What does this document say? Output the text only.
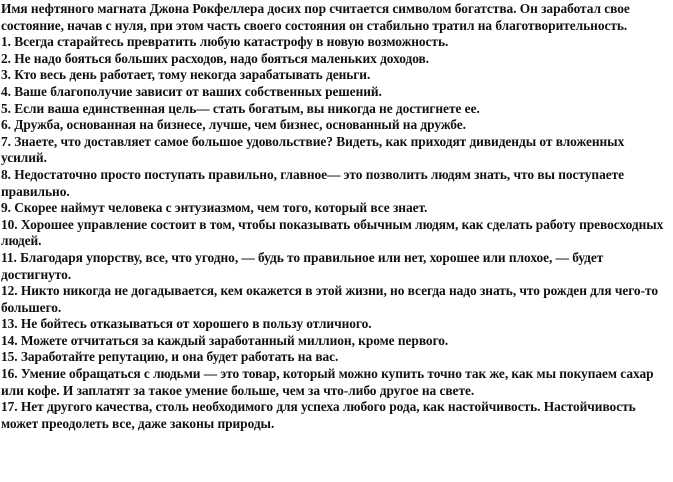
Имя нефтяного магната Джона Рокфеллера досих пор считается символом богатства. Он заработал свое состояние, начав с нуля, при этом часть своего состояния он стабильно тратил на благотворительность.

1. Всегда старайтесь превратить любую катастрофу в новую возможность.

2. Не надо бояться больших расходов, надо бояться маленьких доходов.

3. Кто весь день работает, тому некогда зарабатывать деньги.

4. Ваше благополучие зависит от ваших собственных решений.

5. Если ваша единственная цель— стать богатым, вы никогда не достигнете ее.

6. Дружба, основанная на бизнесе, лучше, чем бизнес, основанный на дружбе.

7. Знаете, что доставляет самое большое удовольствие? Видеть, как приходят дивиденды от вложенных усилий.

8. Недостаточно просто поступать правильно, главное— это позволить людям знать, что вы поступаете правильно.

9. Скорее наймут человека с энтузиазмом, чем того, который все знает.

10. Хорошее управление состоит в том, чтобы показывать обычным людям, как сделать работу превосходных людей.

11. Благодаря упорству, все, что угодно, — будь то правильное или нет, хорошее или плохое, — будет достигнуто.

12. Никто никогда не догадывается, кем окажется в этой жизни, но всегда надо знать, что рожден для чего-то большего.

13. Не бойтесь отказываться от хорошего в пользу отличного.

14. Можете отчитаться за каждый заработанный миллион, кроме первого.

15. Заработайте репутацию, и она будет работать на вас.

16. Умение обращаться с людьми — это товар, который можно купить точно так же, как мы покупаем сахар или кофе. И заплатят за такое умение больше, чем за что-либо другое на свете.

17. Нет другого качества, столь необходимого для успеха любого рода, как настойчивость. Настойчивость может преодолеть все, даже законы природы.
